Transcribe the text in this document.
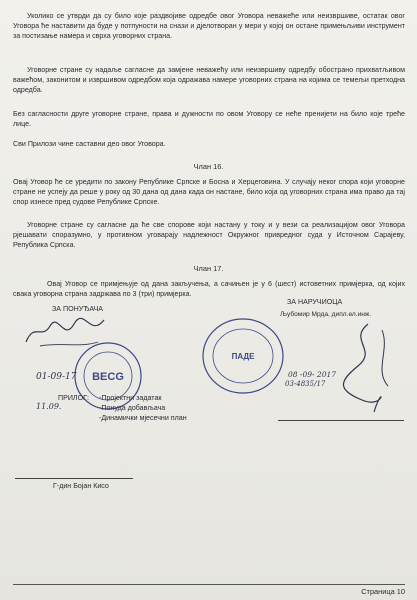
Уколико се утврди да су било које раздвојиве одредбе овог Уговора неважеће или неизвршиве, остатак овог Уговора ће наставити да буде у потпуности на снази и дјелотворан у мери у којој он остане примењљиви инструмент за постизање намера и сврха уговорних страна.

Уговорне стране су надаље сагласне да замјене неважећу или неизвршиву одредбу обострано прихватљивом важећом, законитом и извршивом одредбом која одражава намере уговорних страна на којима се темељи претходна одредба.

Без сагласности друге уговорне стране, права и дужности по овом Уговору се неће пренијети на било које треће лице.

Сви Прилози чине саставни део овог Уговора.

Члан 16.

Овај Уговор ће се уредити по закону Републике Српске и Босна и Херцеговина. У случају неког спора који уговорне стране не успеју да реше у року од 30 дана од дана када он настане, било која од уговорних страна има право да тај спор изнесе пред судове Републике Српске.

Уговорне стране су сагласне да ће све спорове који настану у току и у вези са реализацијом овог Уговора рјешавати споразумно, у противном уговарају надлежност Окружног привредног суда у Источном Сарајеву, Република Српска.

Члан 17.

Овај Уговор се примјењује од дана закључења, а сачињен је у 6 (шест) истоветних примјерка, од којих свака уговорна страна задржава по 3 (три) примјерка.

ЗА ПОНУЂАЧА
ЗА НАРУЧИОЦА
Љубомир Мрда, дипл.ел.инж.
BECG
ПАДЕ
01-09-17
11.09.
08 -09- 2017
03-4835/17
ПРИЛОГ: -Пројектни задатак
-Понуда добављача
-Динамички мјесечни план
Г-дин Бојан Кисо
Страница 10
